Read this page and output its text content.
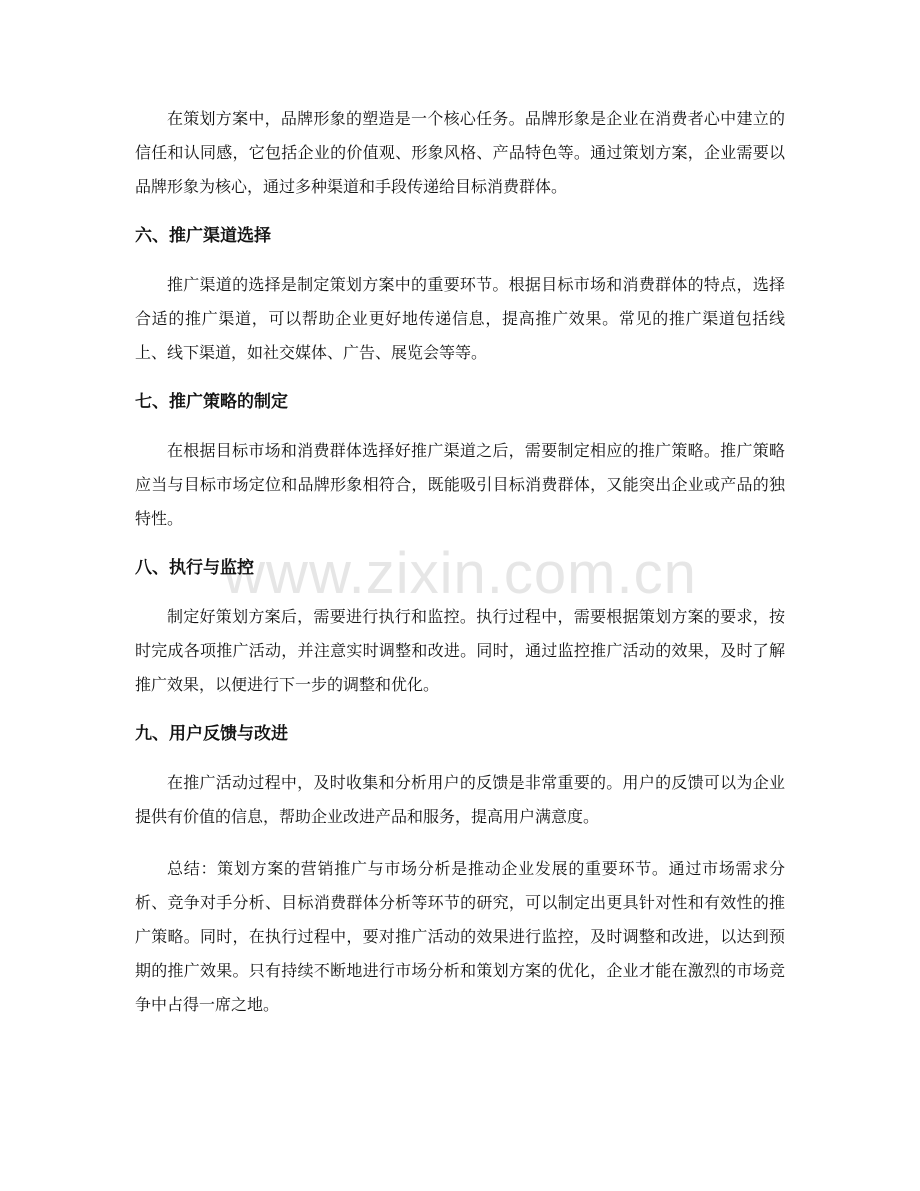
www.zixin.com.cn

在策划方案中，品牌形象的塑造是一个核心任务。品牌形象是企业在消费者心中建立的信任和认同感，它包括企业的价值观、形象风格、产品特色等。通过策划方案，企业需要以品牌形象为核心，通过多种渠道和手段传递给目标消费群体。

六、推广渠道选择

推广渠道的选择是制定策划方案中的重要环节。根据目标市场和消费群体的特点，选择合适的推广渠道，可以帮助企业更好地传递信息，提高推广效果。常见的推广渠道包括线上、线下渠道，如社交媒体、广告、展览会等等。

七、推广策略的制定

在根据目标市场和消费群体选择好推广渠道之后，需要制定相应的推广策略。推广策略应当与目标市场定位和品牌形象相符合，既能吸引目标消费群体，又能突出企业或产品的独特性。

八、执行与监控

制定好策划方案后，需要进行执行和监控。执行过程中，需要根据策划方案的要求，按时完成各项推广活动，并注意实时调整和改进。同时，通过监控推广活动的效果，及时了解推广效果，以便进行下一步的调整和优化。

九、用户反馈与改进

在推广活动过程中，及时收集和分析用户的反馈是非常重要的。用户的反馈可以为企业提供有价值的信息，帮助企业改进产品和服务，提高用户满意度。

总结：策划方案的营销推广与市场分析是推动企业发展的重要环节。通过市场需求分析、竞争对手分析、目标消费群体分析等环节的研究，可以制定出更具针对性和有效性的推广策略。同时，在执行过程中，要对推广活动的效果进行监控，及时调整和改进，以达到预期的推广效果。只有持续不断地进行市场分析和策划方案的优化，企业才能在激烈的市场竞争中占得一席之地。
